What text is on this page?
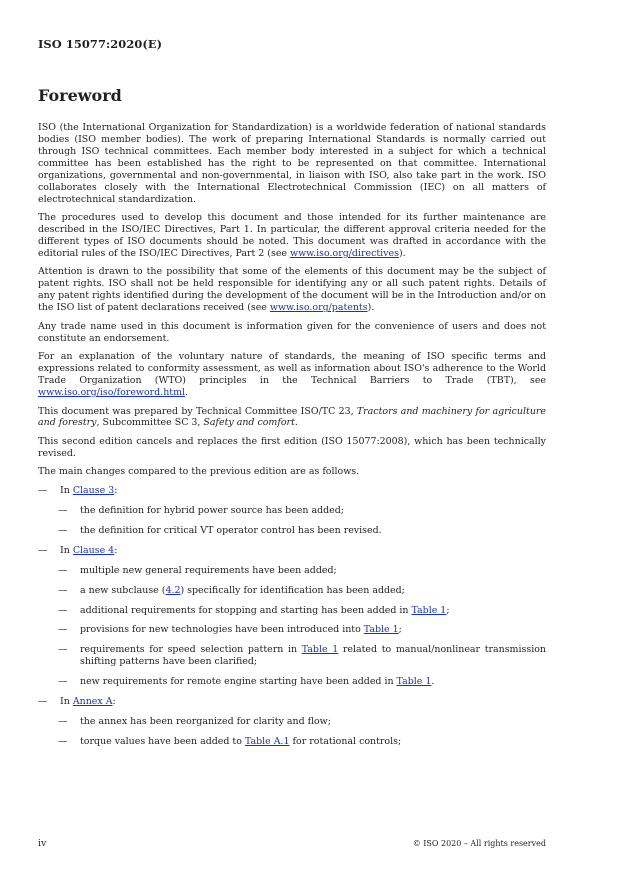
ISO 15077:2020(E)
Foreword

ISO (the International Organization for Standardization) is a worldwide federation of national standards bodies (ISO member bodies). The work of preparing International Standards is normally carried out through ISO technical committees. Each member body interested in a subject for which a technical committee has been established has the right to be represented on that committee. International organizations, governmental and non-governmental, in liaison with ISO, also take part in the work. ISO collaborates closely with the International Electrotechnical Commission (IEC) on all matters of electrotechnical standardization.

The procedures used to develop this document and those intended for its further maintenance are described in the ISO/IEC Directives, Part 1. In particular, the different approval criteria needed for the different types of ISO documents should be noted. This document was drafted in accordance with the editorial rules of the ISO/IEC Directives, Part 2 (see www.iso.org/directives).

Attention is drawn to the possibility that some of the elements of this document may be the subject of patent rights. ISO shall not be held responsible for identifying any or all such patent rights. Details of any patent rights identified during the development of the document will be in the Introduction and/or on the ISO list of patent declarations received (see www.iso.org/patents).

Any trade name used in this document is information given for the convenience of users and does not constitute an endorsement.

For an explanation of the voluntary nature of standards, the meaning of ISO specific terms and expressions related to conformity assessment, as well as information about ISO's adherence to the World Trade Organization (WTO) principles in the Technical Barriers to Trade (TBT), see www.iso.org/iso/foreword.html.

This document was prepared by Technical Committee ISO/TC 23, Tractors and machinery for agriculture and forestry, Subcommittee SC 3, Safety and comfort.

This second edition cancels and replaces the first edition (ISO 15077:2008), which has been technically revised.

The main changes compared to the previous edition are as follows.

— In Clause 3:
— the definition for hybrid power source has been added;
— the definition for critical VT operator control has been revised.
— In Clause 4:
— multiple new general requirements have been added;
— a new subclause (4.2) specifically for identification has been added;
— additional requirements for stopping and starting has been added in Table 1;
— provisions for new technologies have been introduced into Table 1;
— requirements for speed selection pattern in Table 1 related to manual/nonlinear transmission shifting patterns have been clarified;
— new requirements for remote engine starting have been added in Table 1.
— In Annex A:
— the annex has been reorganized for clarity and flow;
— torque values have been added to Table A.1 for rotational controls;
iv	© ISO 2020 – All rights reserved
